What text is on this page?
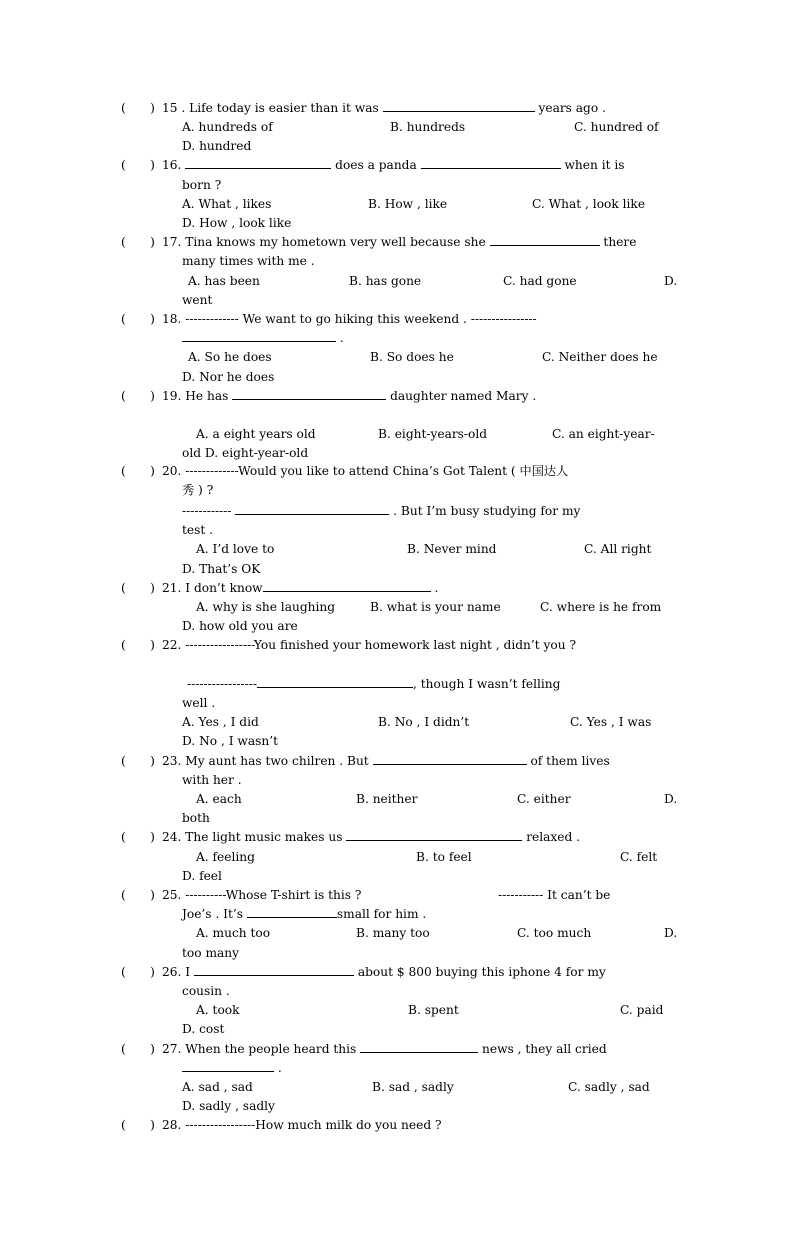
(　　) 15 . Life today is easier than it was	years ago .
A. hundreds of	B. hundreds	C. hundred of
D. hundred
(　　) 16.	does a panda	when it is
born ?
A. What , likes	B. How , like	C. What , look like
D. How , look like
(　　) 17. Tina knows my hometown very well because she	there
many times with me .
A. has been	B. has gone	C. had gone	D.
went
(　　) 18. ------------- We want to go hiking this weekend . ----------------
.
A. So he does	B. So does he	C. Neither does he
D. Nor he does
(　　) 19. He has	daughter named Mary .
A. a eight years old	B. eight-years-old	C. an eight-year-
old D. eight-year-old
(　　) 20. -------------Would you like to attend China’s Got Talent ( 中国达人
秀 ) ?
------------	. But I’m busy studying for my
test .
A. I’d love to	B. Never mind	C. All right
D. That’s OK
(　　) 21. I don’t know	.
A. why is she laughing	B. what is your name	C. where is he from
D. how old you are
(　　) 22. -----------------You finished your homework last night , didn’t you ?
-----------------	, though I wasn’t felling
well .
A. Yes , I did	B. No , I didn’t	C. Yes , I was
D. No , I wasn’t
(　　) 23. My aunt has two chilren . But	of them lives
with her .
A. each	B. neither	C. either	D.
both
(　　) 24. The light music makes us	relaxed .
A. feeling	B. to feel	C. felt
D. feel
(　　) 25. ----------Whose T-shirt is this ?	----------- It can’t be
Joe’s . It’s	small for him .
A. much too	B. many too	C. too much	D.
too many
(　　) 26. I	about $ 800 buying this iphone 4 for my
cousin .
A. took	B. spent	C. paid
D. cost
(　　) 27. When the people heard this	news , they all cried
.
A. sad , sad	B. sad , sadly	C. sadly , sad
D. sadly , sadly
(　　) 28. -----------------How much milk do you need ?
